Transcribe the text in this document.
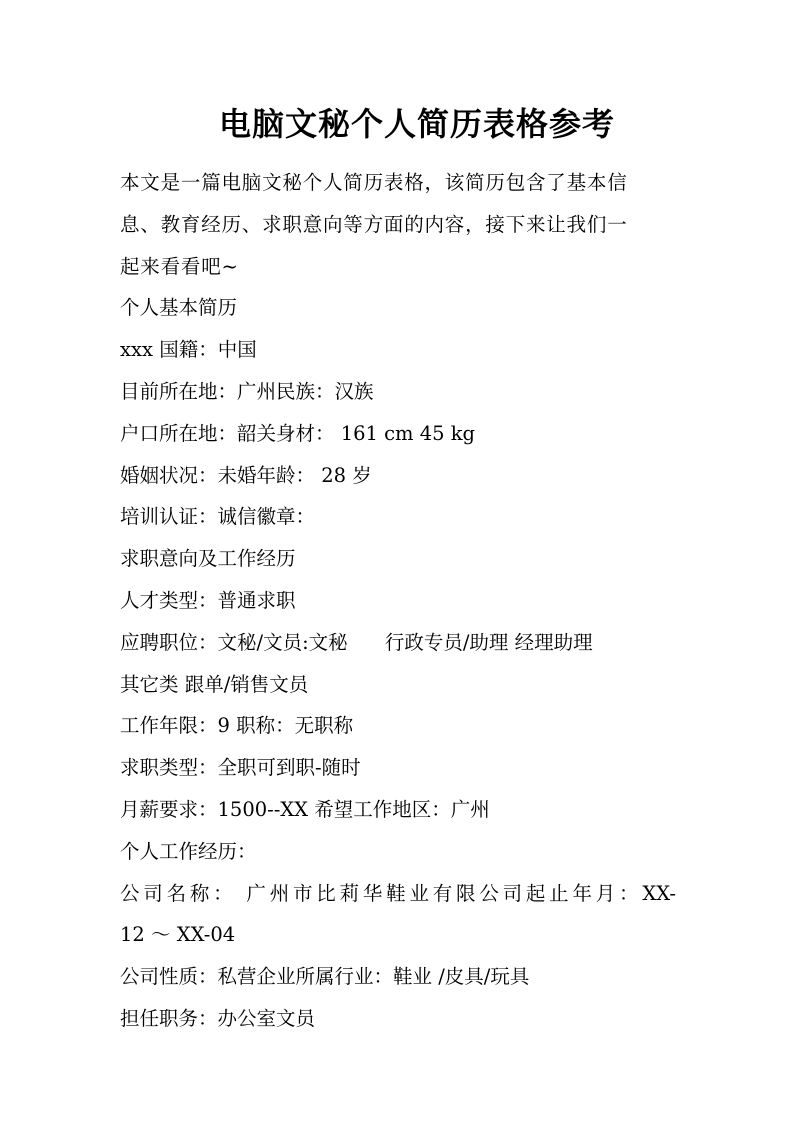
电脑文秘个人简历表格参考
本文是一篇电脑文秘个人简历表格，该简历包含了基本信
息、教育经历、求职意向等方面的内容，接下来让我们一
起来看看吧~
个人基本简历
xxx 国籍：中国
目前所在地：广州民族：汉族
户口所在地：韶关身材： 161 cm 45 kg
婚姻状况：未婚年龄： 28 岁
培训认证：诚信徽章：
求职意向及工作经历
人才类型：普通求职
应聘职位：文秘/文员:文秘      行政专员/助理 经理助理
其它类 跟单/销售文员
工作年限：9 职称：无职称
求职类型：全职可到职-随时
月薪要求：1500--XX 希望工作地区：广州
个人工作经历：
公司名称： 广州市比莉华鞋业有限公司起止年月：XX-
12 ～ XX-04
公司性质：私营企业所属行业：鞋业 /皮具/玩具
担任职务：办公室文员
